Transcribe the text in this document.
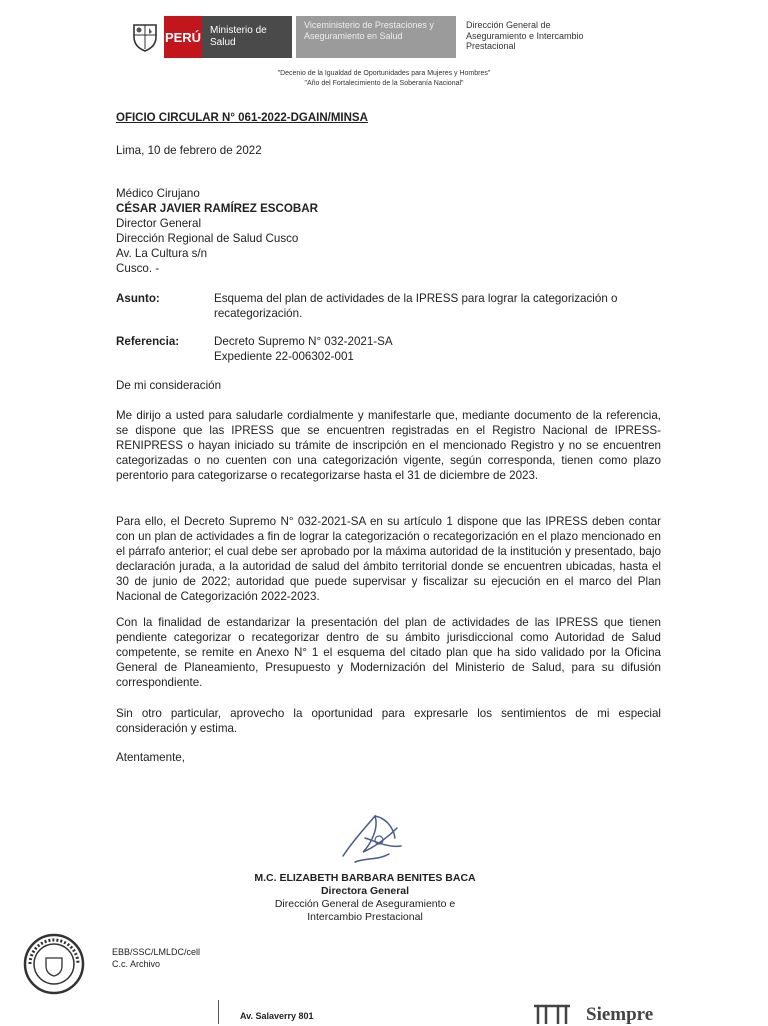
PERÚ Ministerio de Salud
Viceministerio de Prestaciones y Aseguramiento en Salud
Dirección General de Aseguramiento e Intercambio Prestacional
"Decenio de la Igualdad de Oportunidades para Mujeres y Hombres"
"Año del Fortalecimiento de la Soberanía Nacional"
OFICIO CIRCULAR N° 061-2022-DGAIN/MINSA
Lima, 10 de febrero de 2022
Médico Cirujano
CÉSAR JAVIER RAMÍREZ ESCOBAR
Director General
Dirección Regional de Salud Cusco
Av. La Cultura s/n
Cusco. -
Asunto:	Esquema del plan de actividades de la IPRESS para lograr la categorización o recategorización.
Referencia:	Decreto Supremo N° 032-2021-SA
Expediente 22-006302-001
De mi consideración
Me dirijo a usted para saludarle cordialmente y manifestarle que, mediante documento de la referencia, se dispone que las IPRESS que se encuentren registradas en el Registro Nacional de IPRESS-RENIPRESS o hayan iniciado su trámite de inscripción en el mencionado Registro y no se encuentren categorizadas o no cuenten con una categorización vigente, según corresponda, tienen como plazo perentorio para categorizarse o recategorizarse hasta el 31 de diciembre de 2023.
Para ello, el Decreto Supremo N° 032-2021-SA en su artículo 1 dispone que las IPRESS deben contar con un plan de actividades a fin de lograr la categorización o recategorización en el plazo mencionado en el párrafo anterior; el cual debe ser aprobado por la máxima autoridad de la institución y presentado, bajo declaración jurada, a la autoridad de salud del ámbito territorial donde se encuentren ubicadas, hasta el 30 de junio de 2022; autoridad que puede supervisar y fiscalizar su ejecución en el marco del Plan Nacional de Categorización 2022-2023.
Con la finalidad de estandarizar la presentación del plan de actividades de las IPRESS que tienen pendiente categorizar o recategorizar dentro de su ámbito jurisdiccional como Autoridad de Salud competente, se remite en Anexo N° 1 el esquema del citado plan que ha sido validado por la Oficina General de Planeamiento, Presupuesto y Modernización del Ministerio de Salud, para su difusión correspondiente.
Sin otro particular, aprovecho la oportunidad para expresarle los sentimientos de mi especial consideración y estima.
Atentamente,
M.C. ELIZABETH BARBARA BENITES BACA
Directora General
Dirección General de Aseguramiento e
Intercambio Prestacional
EBB/SSC/LMLDC/cell
C.c. Archivo
Av. Salaverry 801	Siempre
